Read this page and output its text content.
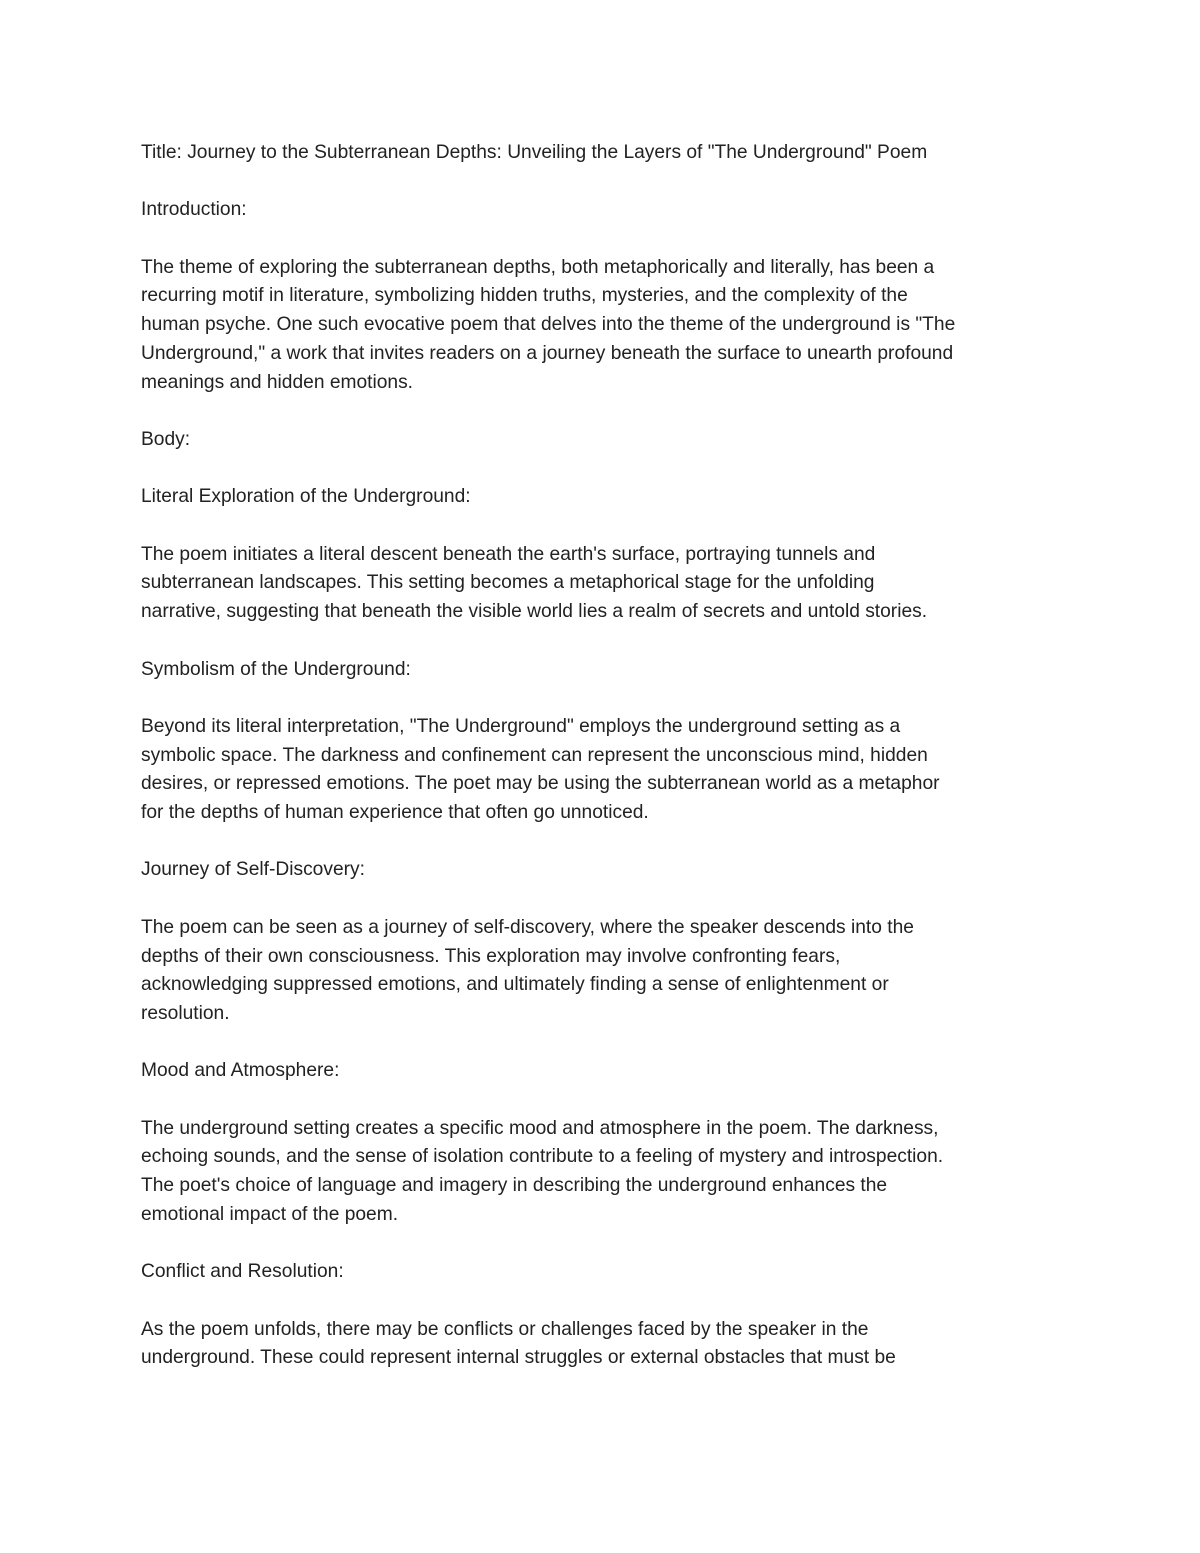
Title: Journey to the Subterranean Depths: Unveiling the Layers of "The Underground" Poem

Introduction:

The theme of exploring the subterranean depths, both metaphorically and literally, has been a
recurring motif in literature, symbolizing hidden truths, mysteries, and the complexity of the
human psyche. One such evocative poem that delves into the theme of the underground is "The
Underground," a work that invites readers on a journey beneath the surface to unearth profound
meanings and hidden emotions.

Body:

Literal Exploration of the Underground:

The poem initiates a literal descent beneath the earth's surface, portraying tunnels and
subterranean landscapes. This setting becomes a metaphorical stage for the unfolding
narrative, suggesting that beneath the visible world lies a realm of secrets and untold stories.

Symbolism of the Underground:

Beyond its literal interpretation, "The Underground" employs the underground setting as a
symbolic space. The darkness and confinement can represent the unconscious mind, hidden
desires, or repressed emotions. The poet may be using the subterranean world as a metaphor
for the depths of human experience that often go unnoticed.

Journey of Self-Discovery:

The poem can be seen as a journey of self-discovery, where the speaker descends into the
depths of their own consciousness. This exploration may involve confronting fears,
acknowledging suppressed emotions, and ultimately finding a sense of enlightenment or
resolution.

Mood and Atmosphere:

The underground setting creates a specific mood and atmosphere in the poem. The darkness,
echoing sounds, and the sense of isolation contribute to a feeling of mystery and introspection.
The poet's choice of language and imagery in describing the underground enhances the
emotional impact of the poem.

Conflict and Resolution:

As the poem unfolds, there may be conflicts or challenges faced by the speaker in the
underground. These could represent internal struggles or external obstacles that must be
